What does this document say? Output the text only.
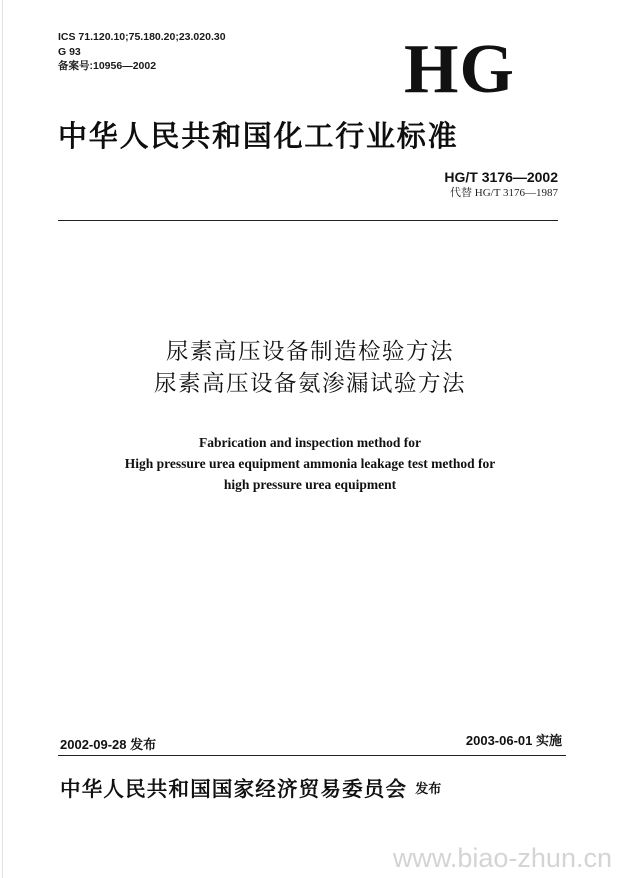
ICS 71.120.10;75.180.20;23.020.30
G 93
备案号:10956—2002	HG
中华人民共和国化工行业标准
HG/T 3176—2002
代替 HG/T 3176—1987
尿素高压设备制造检验方法
尿素高压设备氨渗漏试验方法
Fabrication and inspection method for
High pressure urea equipment ammonia leakage test method for
high pressure urea equipment
2002-09-28 发布	2003-06-01 实施
中华人民共和国国家经济贸易委员会 发布
www.biao-zhun.cn
